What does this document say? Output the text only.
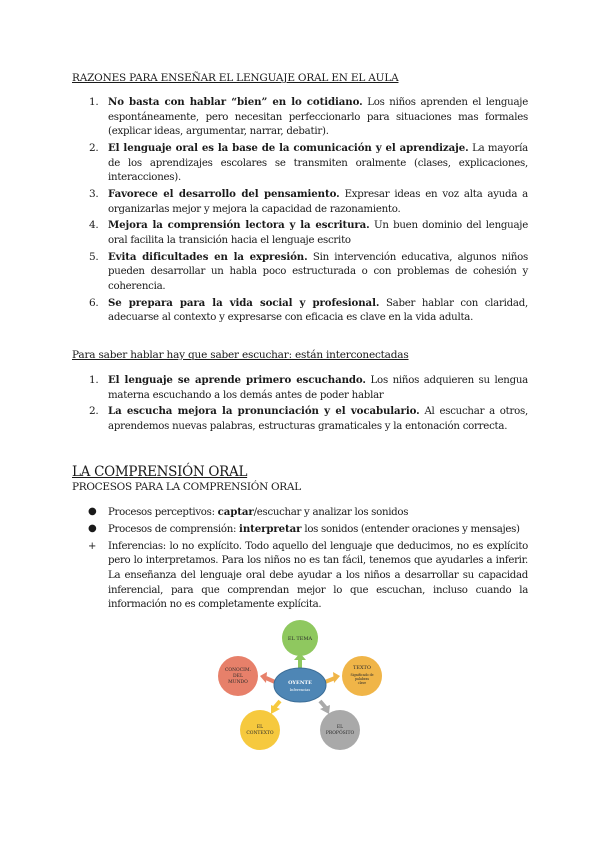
RAZONES PARA ENSEÑAR EL LENGUAJE ORAL EN EL AULA
1. No basta con hablar “bien” en lo cotidiano. Los niños aprenden el lenguaje espontáneamente, pero necesitan perfeccionarlo para situaciones mas formales (explicar ideas, argumentar, narrar, debatir).
2. El lenguaje oral es la base de la comunicación y el aprendizaje. La mayoría de los aprendizajes escolares se transmiten oralmente (clases, explicaciones, interacciones).
3. Favorece el desarrollo del pensamiento. Expresar ideas en voz alta ayuda a organizarlas mejor y mejora la capacidad de razonamiento.
4. Mejora la comprensión lectora y la escritura. Un buen dominio del lenguaje oral facilita la transición hacia el lenguaje escrito
5. Evita dificultades en la expresión. Sin intervención educativa, algunos niños pueden desarrollar un habla poco estructurada o con problemas de cohesión y coherencia.
6. Se prepara para la vida social y profesional. Saber hablar con claridad, adecuarse al contexto y expresarse con eficacia es clave en la vida adulta.
Para saber hablar hay que saber escuchar: están interconectadas
1. El lenguaje se aprende primero escuchando. Los niños adquieren su lengua materna escuchando a los demás antes de poder hablar
2. La escucha mejora la pronunciación y el vocabulario. Al escuchar a otros, aprendemos nuevas palabras, estructuras gramaticales y la entonación correcta.
LA COMPRENSIÓN ORAL
PROCESOS PARA LA COMPRENSIÓN ORAL
● Procesos perceptivos: captar/escuchar y analizar los sonidos
● Procesos de comprensión: interpretar los sonidos (entender oraciones y mensajes)
+ Inferencias: lo no explícito. Todo aquello del lenguaje que deducimos, no es explícito pero lo interpretamos. Para los niños no es tan fácil, tenemos que ayudarles a inferir. La enseñanza del lenguaje oral debe ayudar a los niños a desarrollar su capacidad inferencial, para que comprendan mejor lo que escuchan, incluso cuando la información no es completamente explícita.
EL TEMA
TEXTO
Significado de
palabras
clave
EL
PROPÓSITO
EL
CONTEXTO
CONOCIM.
DEL
MUNDO	OYENTE
Inferencias
